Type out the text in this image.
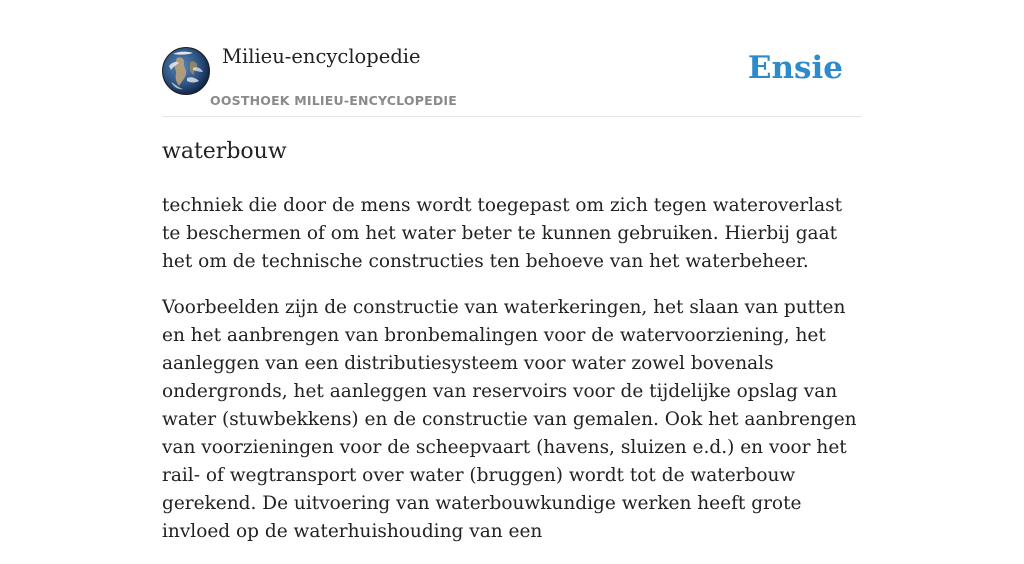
Milieu-encyclopedie
OOSTHOEK MILIEU-ENCYCLOPEDIE
Ensie
waterbouw

techniek die door de mens wordt toegepast om zich tegen wateroverlast te beschermen of om het water beter te kunnen gebruiken. Hierbij gaat het om de technische constructies ten behoeve van het waterbeheer.

Voorbeelden zijn de constructie van waterkeringen, het slaan van putten en het aanbrengen van bronbemalingen voor de watervoorziening, het aanleggen van een distributiesysteem voor water zowel bovenals ondergronds, het aanleggen van reservoirs voor de tijdelijke opslag van water (stuwbekkens) en de constructie van gemalen. Ook het aanbrengen van voorzieningen voor de scheepvaart (havens, sluizen e.d.) en voor het rail- of wegtransport over water (bruggen) wordt tot de waterbouw gerekend. De uitvoering van waterbouwkundige werken heeft grote invloed op de waterhuishouding van een
